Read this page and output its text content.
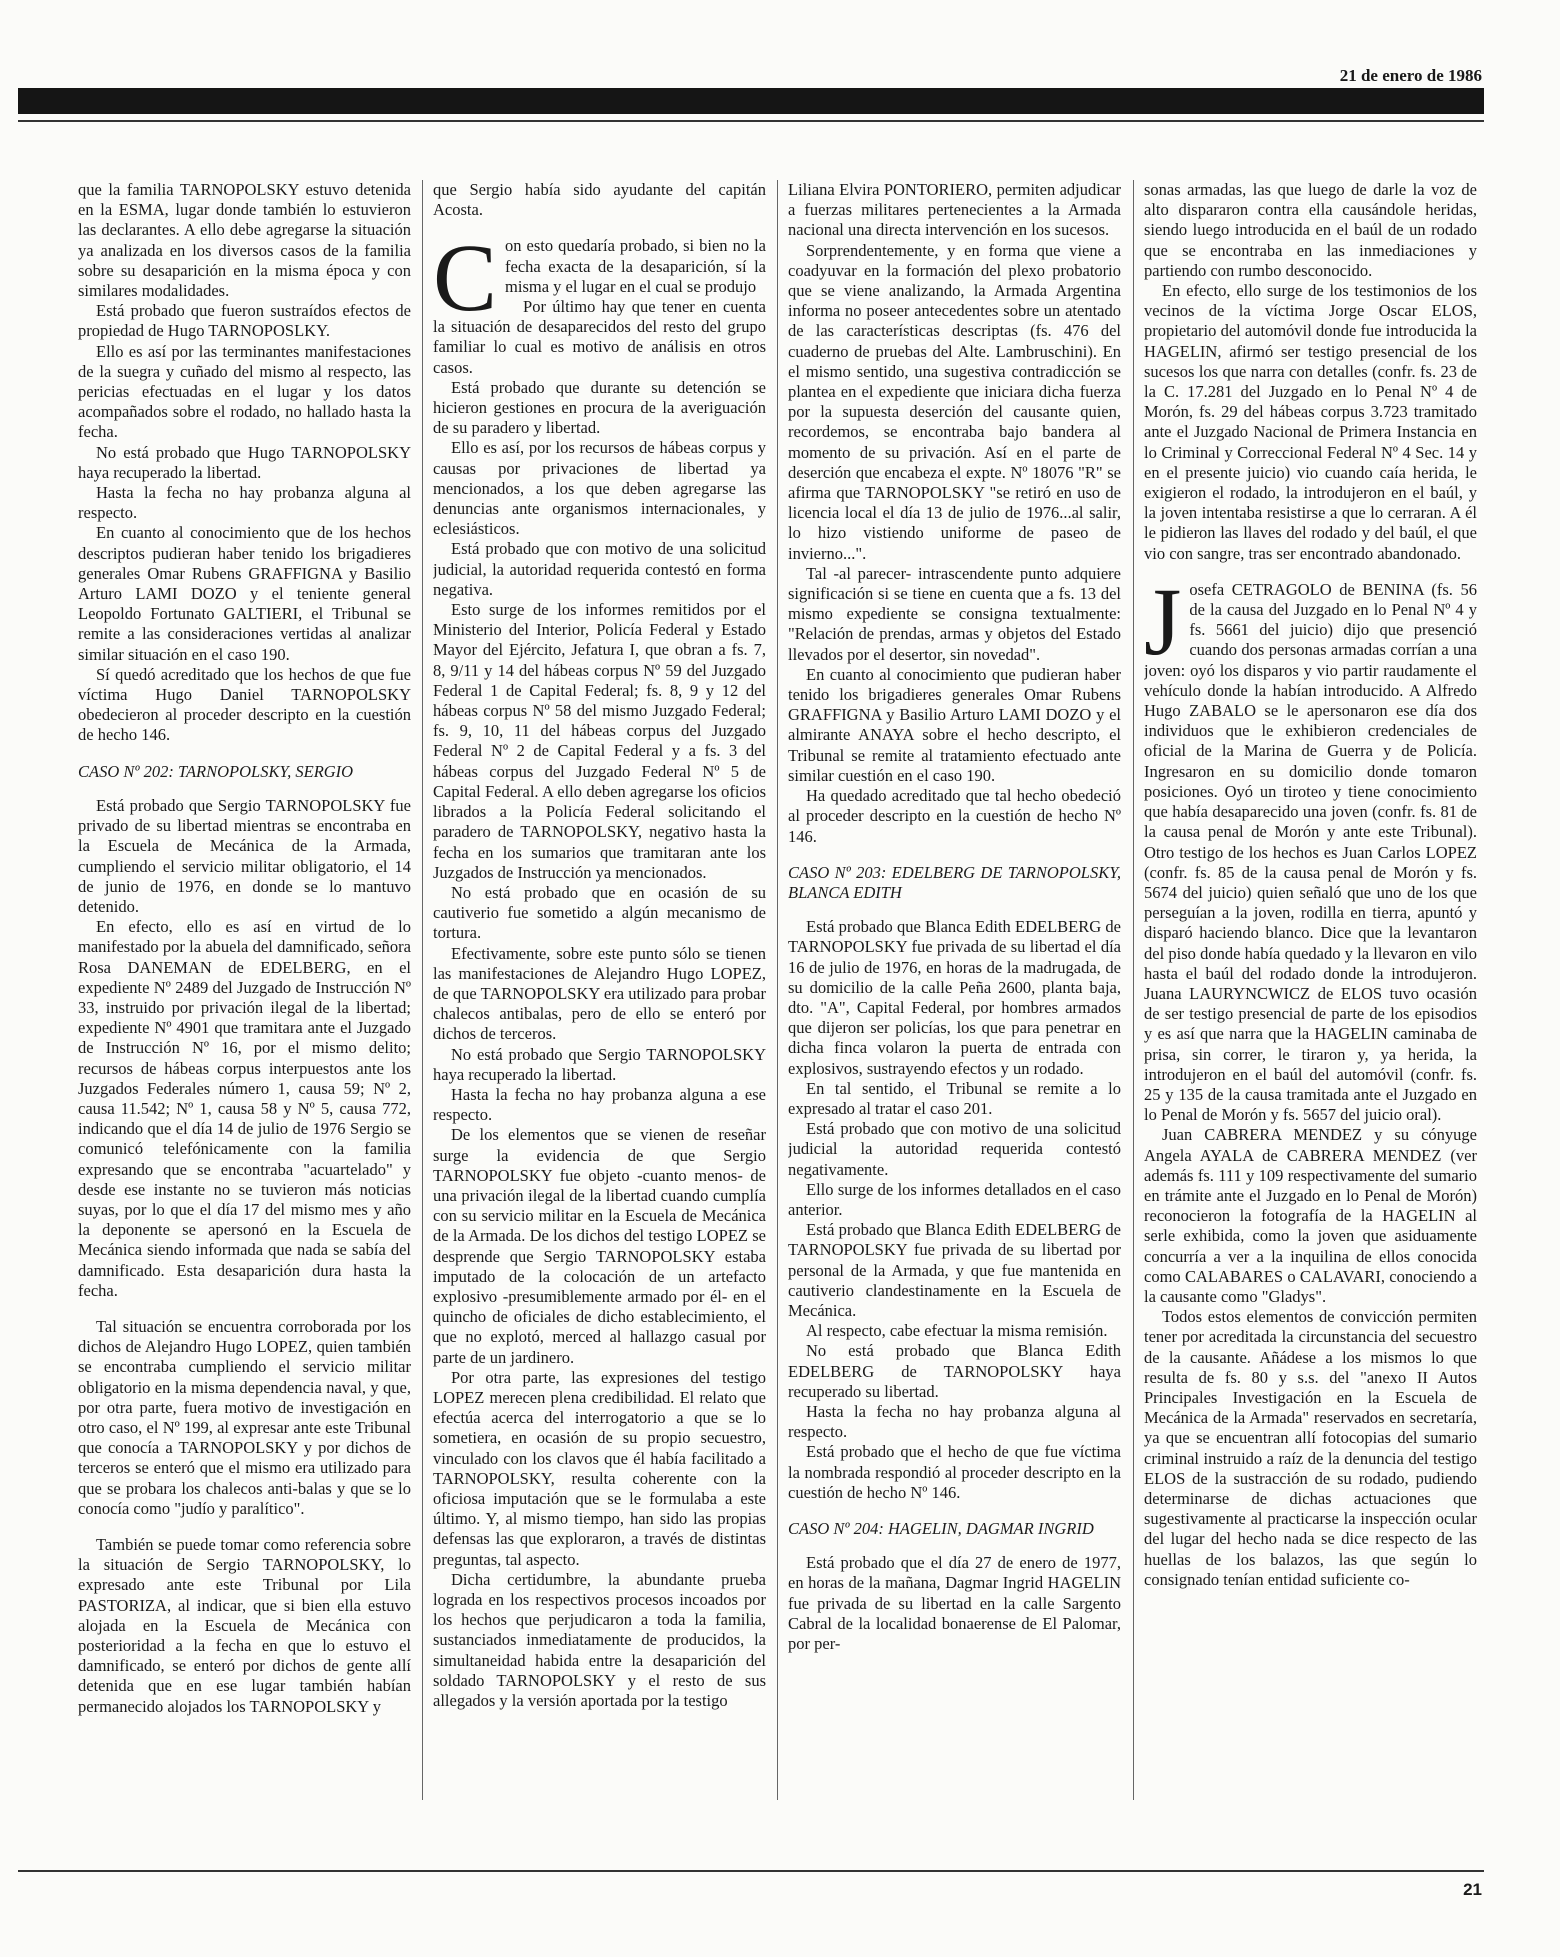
21 de enero de 1986

que la familia TARNOPOLSKY estuvo detenida en la ESMA, lugar donde también lo estuvieron las declarantes. A ello debe agregarse la situación ya analizada en los diversos casos de la familia sobre su desaparición en la misma época y con similares modalidades.

Está probado que fueron sustraídos efectos de propiedad de Hugo TARNOPOSLKY.

Ello es así por las terminantes manifestaciones de la suegra y cuñado del mismo al respecto, las pericias efectuadas en el lugar y los datos acompañados sobre el rodado, no hallado hasta la fecha.

No está probado que Hugo TARNOPOLSKY haya recuperado la libertad.

Hasta la fecha no hay probanza alguna al respecto.

En cuanto al conocimiento que de los hechos descriptos pudieran haber tenido los brigadieres generales Omar Rubens GRAFFIGNA y Basilio Arturo LAMI DOZO y el teniente general Leopoldo Fortunato GALTIERI, el Tribunal se remite a las consideraciones vertidas al analizar similar situación en el caso 190.

Sí quedó acreditado que los hechos de que fue víctima Hugo Daniel TARNOPOLSKY obedecieron al proceder descripto en la cuestión de hecho 146.

CASO Nº 202: TARNOPOLSKY, SERGIO

Está probado que Sergio TARNOPOLSKY fue privado de su libertad mientras se encontraba en la Escuela de Mecánica de la Armada, cumpliendo el servicio militar obligatorio, el 14 de junio de 1976, en donde se lo mantuvo detenido.

En efecto, ello es así en virtud de lo manifestado por la abuela del damnificado, señora Rosa DANEMAN de EDELBERG, en el expediente Nº 2489 del Juzgado de Instrucción Nº 33, instruido por privación ilegal de la libertad; expediente Nº 4901 que tramitara ante el Juzgado de Instrucción Nº 16, por el mismo delito; recursos de hábeas corpus interpuestos ante los Juzgados Federales número 1, causa 59; Nº 2, causa 11.542; Nº 1, causa 58 y Nº 5, causa 772, indicando que el día 14 de julio de 1976 Sergio se comunicó telefónicamente con la familia expresando que se encontraba "acuartelado" y desde ese instante no se tuvieron más noticias suyas, por lo que el día 17 del mismo mes y año la deponente se apersonó en la Escuela de Mecánica siendo informada que nada se sabía del damnificado. Esta desaparición dura hasta la fecha.

Tal situación se encuentra corroborada por los dichos de Alejandro Hugo LOPEZ, quien también se encontraba cumpliendo el servicio militar obligatorio en la misma dependencia naval, y que, por otra parte, fuera motivo de investigación en otro caso, el Nº 199, al expresar ante este Tribunal que conocía a TARNOPOLSKY y por dichos de terceros se enteró que el mismo era utilizado para que se probara los chalecos anti-balas y que se lo conocía como "judío y paralítico".

También se puede tomar como referencia sobre la situación de Sergio TARNOPOLSKY, lo expresado ante este Tribunal por Lila PASTORIZA, al indicar, que si bien ella estuvo alojada en la Escuela de Mecánica con posterioridad a la fecha en que lo estuvo el damnificado, se enteró por dichos de gente allí detenida que en ese lugar también habían permanecido alojados los TARNOPOLSKY y

que Sergio había sido ayudante del capitán Acosta.

Con esto quedaría probado, si bien no la fecha exacta de la desaparición, sí la misma y el lugar en el cual se produjo

Por último hay que tener en cuenta la situación de desaparecidos del resto del grupo familiar lo cual es motivo de análisis en otros casos.

Está probado que durante su detención se hicieron gestiones en procura de la averiguación de su paradero y libertad.

Ello es así, por los recursos de hábeas corpus y causas por privaciones de libertad ya mencionados, a los que deben agregarse las denuncias ante organismos internacionales, y eclesiásticos.

Está probado que con motivo de una solicitud judicial, la autoridad requerida contestó en forma negativa.

Esto surge de los informes remitidos por el Ministerio del Interior, Policía Federal y Estado Mayor del Ejército, Jefatura I, que obran a fs. 7, 8, 9/11 y 14 del hábeas corpus Nº 59 del Juzgado Federal 1 de Capital Federal; fs. 8, 9 y 12 del hábeas corpus Nº 58 del mismo Juzgado Federal; fs. 9, 10, 11 del hábeas corpus del Juzgado Federal Nº 2 de Capital Federal y a fs. 3 del hábeas corpus del Juzgado Federal Nº 5 de Capital Federal. A ello deben agregarse los oficios librados a la Policía Federal solicitando el paradero de TARNOPOLSKY, negativo hasta la fecha en los sumarios que tramitaran ante los Juzgados de Instrucción ya mencionados.

No está probado que en ocasión de su cautiverio fue sometido a algún mecanismo de tortura.

Efectivamente, sobre este punto sólo se tienen las manifestaciones de Alejandro Hugo LOPEZ, de que TARNOPOLSKY era utilizado para probar chalecos antibalas, pero de ello se enteró por dichos de terceros.

No está probado que Sergio TARNOPOLSKY haya recuperado la libertad.

Hasta la fecha no hay probanza alguna a ese respecto.

De los elementos que se vienen de reseñar surge la evidencia de que Sergio TARNOPOLSKY fue objeto -cuanto menos- de una privación ilegal de la libertad cuando cumplía con su servicio militar en la Escuela de Mecánica de la Armada. De los dichos del testigo LOPEZ se desprende que Sergio TARNOPOLSKY estaba imputado de la colocación de un artefacto explosivo -presumiblemente armado por él- en el quincho de oficiales de dicho establecimiento, el que no explotó, merced al hallazgo casual por parte de un jardinero.

Por otra parte, las expresiones del testigo LOPEZ merecen plena credibilidad. El relato que efectúa acerca del interrogatorio a que se lo sometiera, en ocasión de su propio secuestro, vinculado con los clavos que él había facilitado a TARNOPOLSKY, resulta coherente con la oficiosa imputación que se le formulaba a este último. Y, al mismo tiempo, han sido las propias defensas las que exploraron, a través de distintas preguntas, tal aspecto.

Dicha certidumbre, la abundante prueba lograda en los respectivos procesos incoados por los hechos que perjudicaron a toda la familia, sustanciados inmediatamente de producidos, la simultaneidad habida entre la desaparición del soldado TARNOPOLSKY y el resto de sus allegados y la versión aportada por la testigo

Liliana Elvira PONTORIERO, permiten adjudicar a fuerzas militares pertenecientes a la Armada nacional una directa intervención en los sucesos.

Sorprendentemente, y en forma que viene a coadyuvar en la formación del plexo probatorio que se viene analizando, la Armada Argentina informa no poseer antecedentes sobre un atentado de las características descriptas (fs. 476 del cuaderno de pruebas del Alte. Lambruschini). En el mismo sentido, una sugestiva contradicción se plantea en el expediente que iniciara dicha fuerza por la supuesta deserción del causante quien, recordemos, se encontraba bajo bandera al momento de su privación. Así en el parte de deserción que encabeza el expte. Nº 18076 "R" se afirma que TARNOPOLSKY "se retiró en uso de licencia local el día 13 de julio de 1976...al salir, lo hizo vistiendo uniforme de paseo de invierno...".

Tal -al parecer- intrascendente punto adquiere significación si se tiene en cuenta que a fs. 13 del mismo expediente se consigna textualmente: "Relación de prendas, armas y objetos del Estado llevados por el desertor, sin novedad".

En cuanto al conocimiento que pudieran haber tenido los brigadieres generales Omar Rubens GRAFFIGNA y Basilio Arturo LAMI DOZO y el almirante ANAYA sobre el hecho descripto, el Tribunal se remite al tratamiento efectuado ante similar cuestión en el caso 190.

Ha quedado acreditado que tal hecho obedeció al proceder descripto en la cuestión de hecho Nº 146.

CASO Nº 203: EDELBERG DE TARNOPOLSKY, BLANCA EDITH

Está probado que Blanca Edith EDELBERG de TARNOPOLSKY fue privada de su libertad el día 16 de julio de 1976, en horas de la madrugada, de su domicilio de la calle Peña 2600, planta baja, dto. "A", Capital Federal, por hombres armados que dijeron ser policías, los que para penetrar en dicha finca volaron la puerta de entrada con explosivos, sustrayendo efectos y un rodado.

En tal sentido, el Tribunal se remite a lo expresado al tratar el caso 201.

Está probado que con motivo de una solicitud judicial la autoridad requerida contestó negativamente.

Ello surge de los informes detallados en el caso anterior.

Está probado que Blanca Edith EDELBERG de TARNOPOLSKY fue privada de su libertad por personal de la Armada, y que fue mantenida en cautiverio clandestinamente en la Escuela de Mecánica.

Al respecto, cabe efectuar la misma remisión.

No está probado que Blanca Edith EDELBERG de TARNOPOLSKY haya recuperado su libertad.

Hasta la fecha no hay probanza alguna al respecto.

Está probado que el hecho de que fue víctima la nombrada respondió al proceder descripto en la cuestión de hecho Nº 146.

CASO Nº 204: HAGELIN, DAGMAR INGRID

Está probado que el día 27 de enero de 1977, en horas de la mañana, Dagmar Ingrid HAGELIN fue privada de su libertad en la calle Sargento Cabral de la localidad bonaerense de El Palomar, por per-

sonas armadas, las que luego de darle la voz de alto dispararon contra ella causándole heridas, siendo luego introducida en el baúl de un rodado que se encontraba en las inmediaciones y partiendo con rumbo desconocido.

En efecto, ello surge de los testimonios de los vecinos de la víctima Jorge Oscar ELOS, propietario del automóvil donde fue introducida la HAGELIN, afirmó ser testigo presencial de los sucesos los que narra con detalles (confr. fs. 23 de la C. 17.281 del Juzgado en lo Penal Nº 4 de Morón, fs. 29 del hábeas corpus 3.723 tramitado ante el Juzgado Nacional de Primera Instancia en lo Criminal y Correccional Federal Nº 4 Sec. 14 y en el presente juicio) vio cuando caía herida, le exigieron el rodado, la introdujeron en el baúl, y la joven intentaba resistirse a que lo cerraran. A él le pidieron las llaves del rodado y del baúl, el que vio con sangre, tras ser encontrado abandonado.

Josefa CETRAGOLO de BENINA (fs. 56 de la causa del Juzgado en lo Penal Nº 4 y fs. 5661 del juicio) dijo que presenció cuando dos personas armadas corrían a una joven: oyó los disparos y vio partir raudamente el vehículo donde la habían introducido. A Alfredo Hugo ZABALO se le apersonaron ese día dos individuos que le exhibieron credenciales de oficial de la Marina de Guerra y de Policía. Ingresaron en su domicilio donde tomaron posiciones. Oyó un tiroteo y tiene conocimiento que había desaparecido una joven (confr. fs. 81 de la causa penal de Morón y ante este Tribunal). Otro testigo de los hechos es Juan Carlos LOPEZ (confr. fs. 85 de la causa penal de Morón y fs. 5674 del juicio) quien señaló que uno de los que perseguían a la joven, rodilla en tierra, apuntó y disparó haciendo blanco. Dice que la levantaron del piso donde había quedado y la llevaron en vilo hasta el baúl del rodado donde la introdujeron. Juana LAURYNCWICZ de ELOS tuvo ocasión de ser testigo presencial de parte de los episodios y es así que narra que la HAGELIN caminaba de prisa, sin correr, le tiraron y, ya herida, la introdujeron en el baúl del automóvil (confr. fs. 25 y 135 de la causa tramitada ante el Juzgado en lo Penal de Morón y fs. 5657 del juicio oral).

Juan CABRERA MENDEZ y su cónyuge Angela AYALA de CABRERA MENDEZ (ver además fs. 111 y 109 respectivamente del sumario en trámite ante el Juzgado en lo Penal de Morón) reconocieron la fotografía de la HAGELIN al serle exhibida, como la joven que asiduamente concurría a ver a la inquilina de ellos conocida como CALABARES o CALAVARI, conociendo a la causante como "Gladys".

Todos estos elementos de convicción permiten tener por acreditada la circunstancia del secuestro de la causante. Añádese a los mismos lo que resulta de fs. 80 y s.s. del "anexo II Autos Principales Investigación en la Escuela de Mecánica de la Armada" reservados en secretaría, ya que se encuentran allí fotocopias del sumario criminal instruido a raíz de la denuncia del testigo ELOS de la sustracción de su rodado, pudiendo determinarse de dichas actuaciones que sugestivamente al practicarse la inspección ocular del lugar del hecho nada se dice respecto de las huellas de los balazos, las que según lo consignado tenían entidad suficiente co-

21
